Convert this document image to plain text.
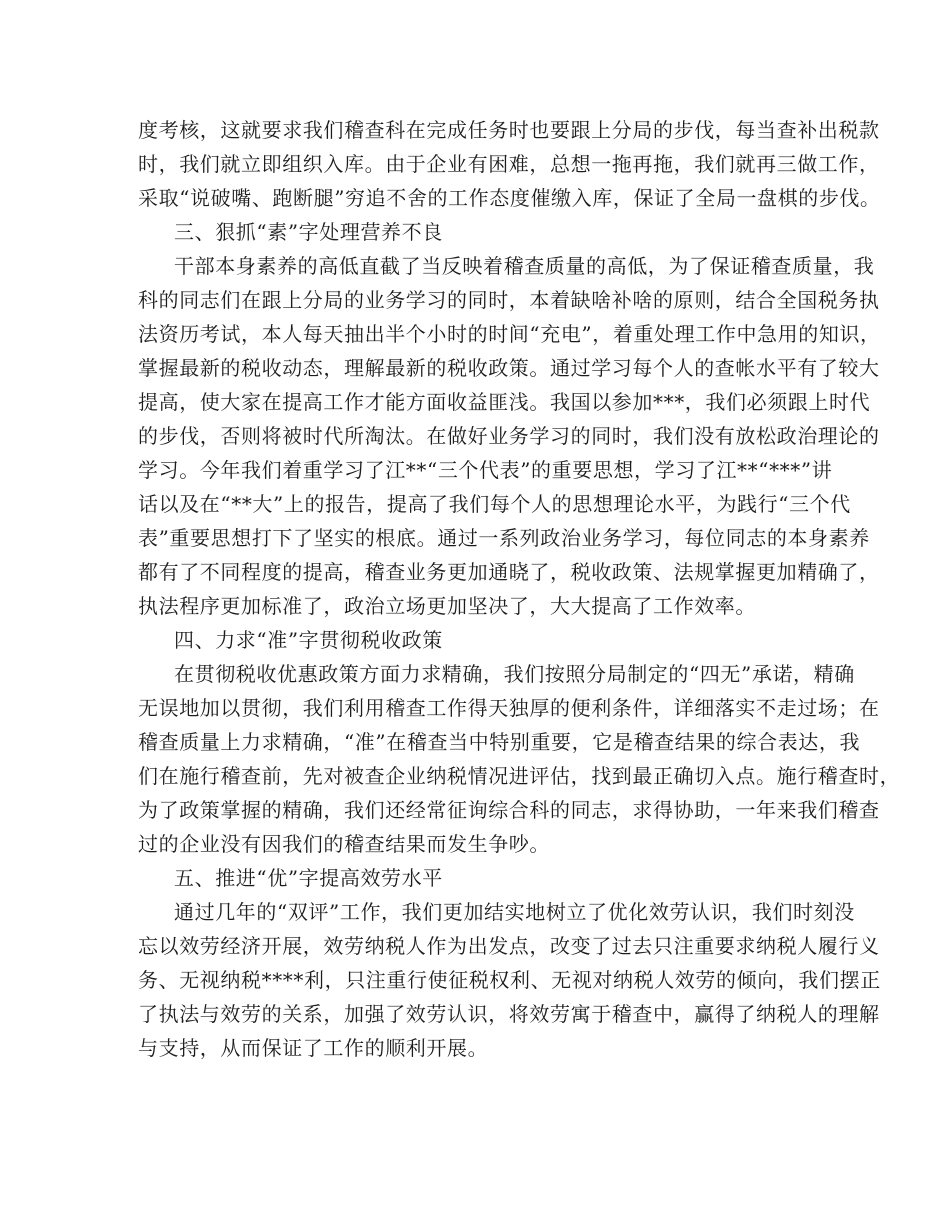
度考核，这就要求我们稽查科在完成任务时也要跟上分局的步伐，每当查补出税款
时，我们就立即组织入库。由于企业有困难，总想一拖再拖，我们就再三做工作，
采取“说破嘴、跑断腿”穷追不舍的工作态度催缴入库，保证了全局一盘棋的步伐。
三、狠抓“素”字处理营养不良
干部本身素养的高低直截了当反映着稽查质量的高低，为了保证稽查质量，我
科的同志们在跟上分局的业务学习的同时，本着缺啥补啥的原则，结合全国税务执
法资历考试，本人每天抽出半个小时的时间“充电”，着重处理工作中急用的知识，
掌握最新的税收动态，理解最新的税收政策。通过学习每个人的查帐水平有了较大
提高，使大家在提高工作才能方面收益匪浅。我国以参加***，我们必须跟上时代
的步伐，否则将被时代所淘汰。在做好业务学习的同时，我们没有放松政治理论的
学习。今年我们着重学习了江**“三个代表”的重要思想，学习了江**“***”讲
话以及在“**大”上的报告，提高了我们每个人的思想理论水平，为践行“三个代
表”重要思想打下了坚实的根底。通过一系列政治业务学习，每位同志的本身素养
都有了不同程度的提高，稽查业务更加通晓了，税收政策、法规掌握更加精确了，
执法程序更加标准了，政治立场更加坚决了，大大提高了工作效率。
四、力求“准”字贯彻税收政策
在贯彻税收优惠政策方面力求精确，我们按照分局制定的“四无”承诺，精确
无误地加以贯彻，我们利用稽查工作得天独厚的便利条件，详细落实不走过场；在
稽查质量上力求精确，“准”在稽查当中特别重要，它是稽查结果的综合表达，我
们在施行稽查前，先对被查企业纳税情况进评估，找到最正确切入点。施行稽查时，
为了政策掌握的精确，我们还经常征询综合科的同志，求得协助，一年来我们稽查
过的企业没有因我们的稽查结果而发生争吵。
五、推进“优”字提高效劳水平
通过几年的“双评”工作，我们更加结实地树立了优化效劳认识，我们时刻没
忘以效劳经济开展，效劳纳税人作为出发点，改变了过去只注重要求纳税人履行义
务、无视纳税****利，只注重行使征税权利、无视对纳税人效劳的倾向，我们摆正
了执法与效劳的关系，加强了效劳认识，将效劳寓于稽查中，赢得了纳税人的理解
与支持，从而保证了工作的顺利开展。
